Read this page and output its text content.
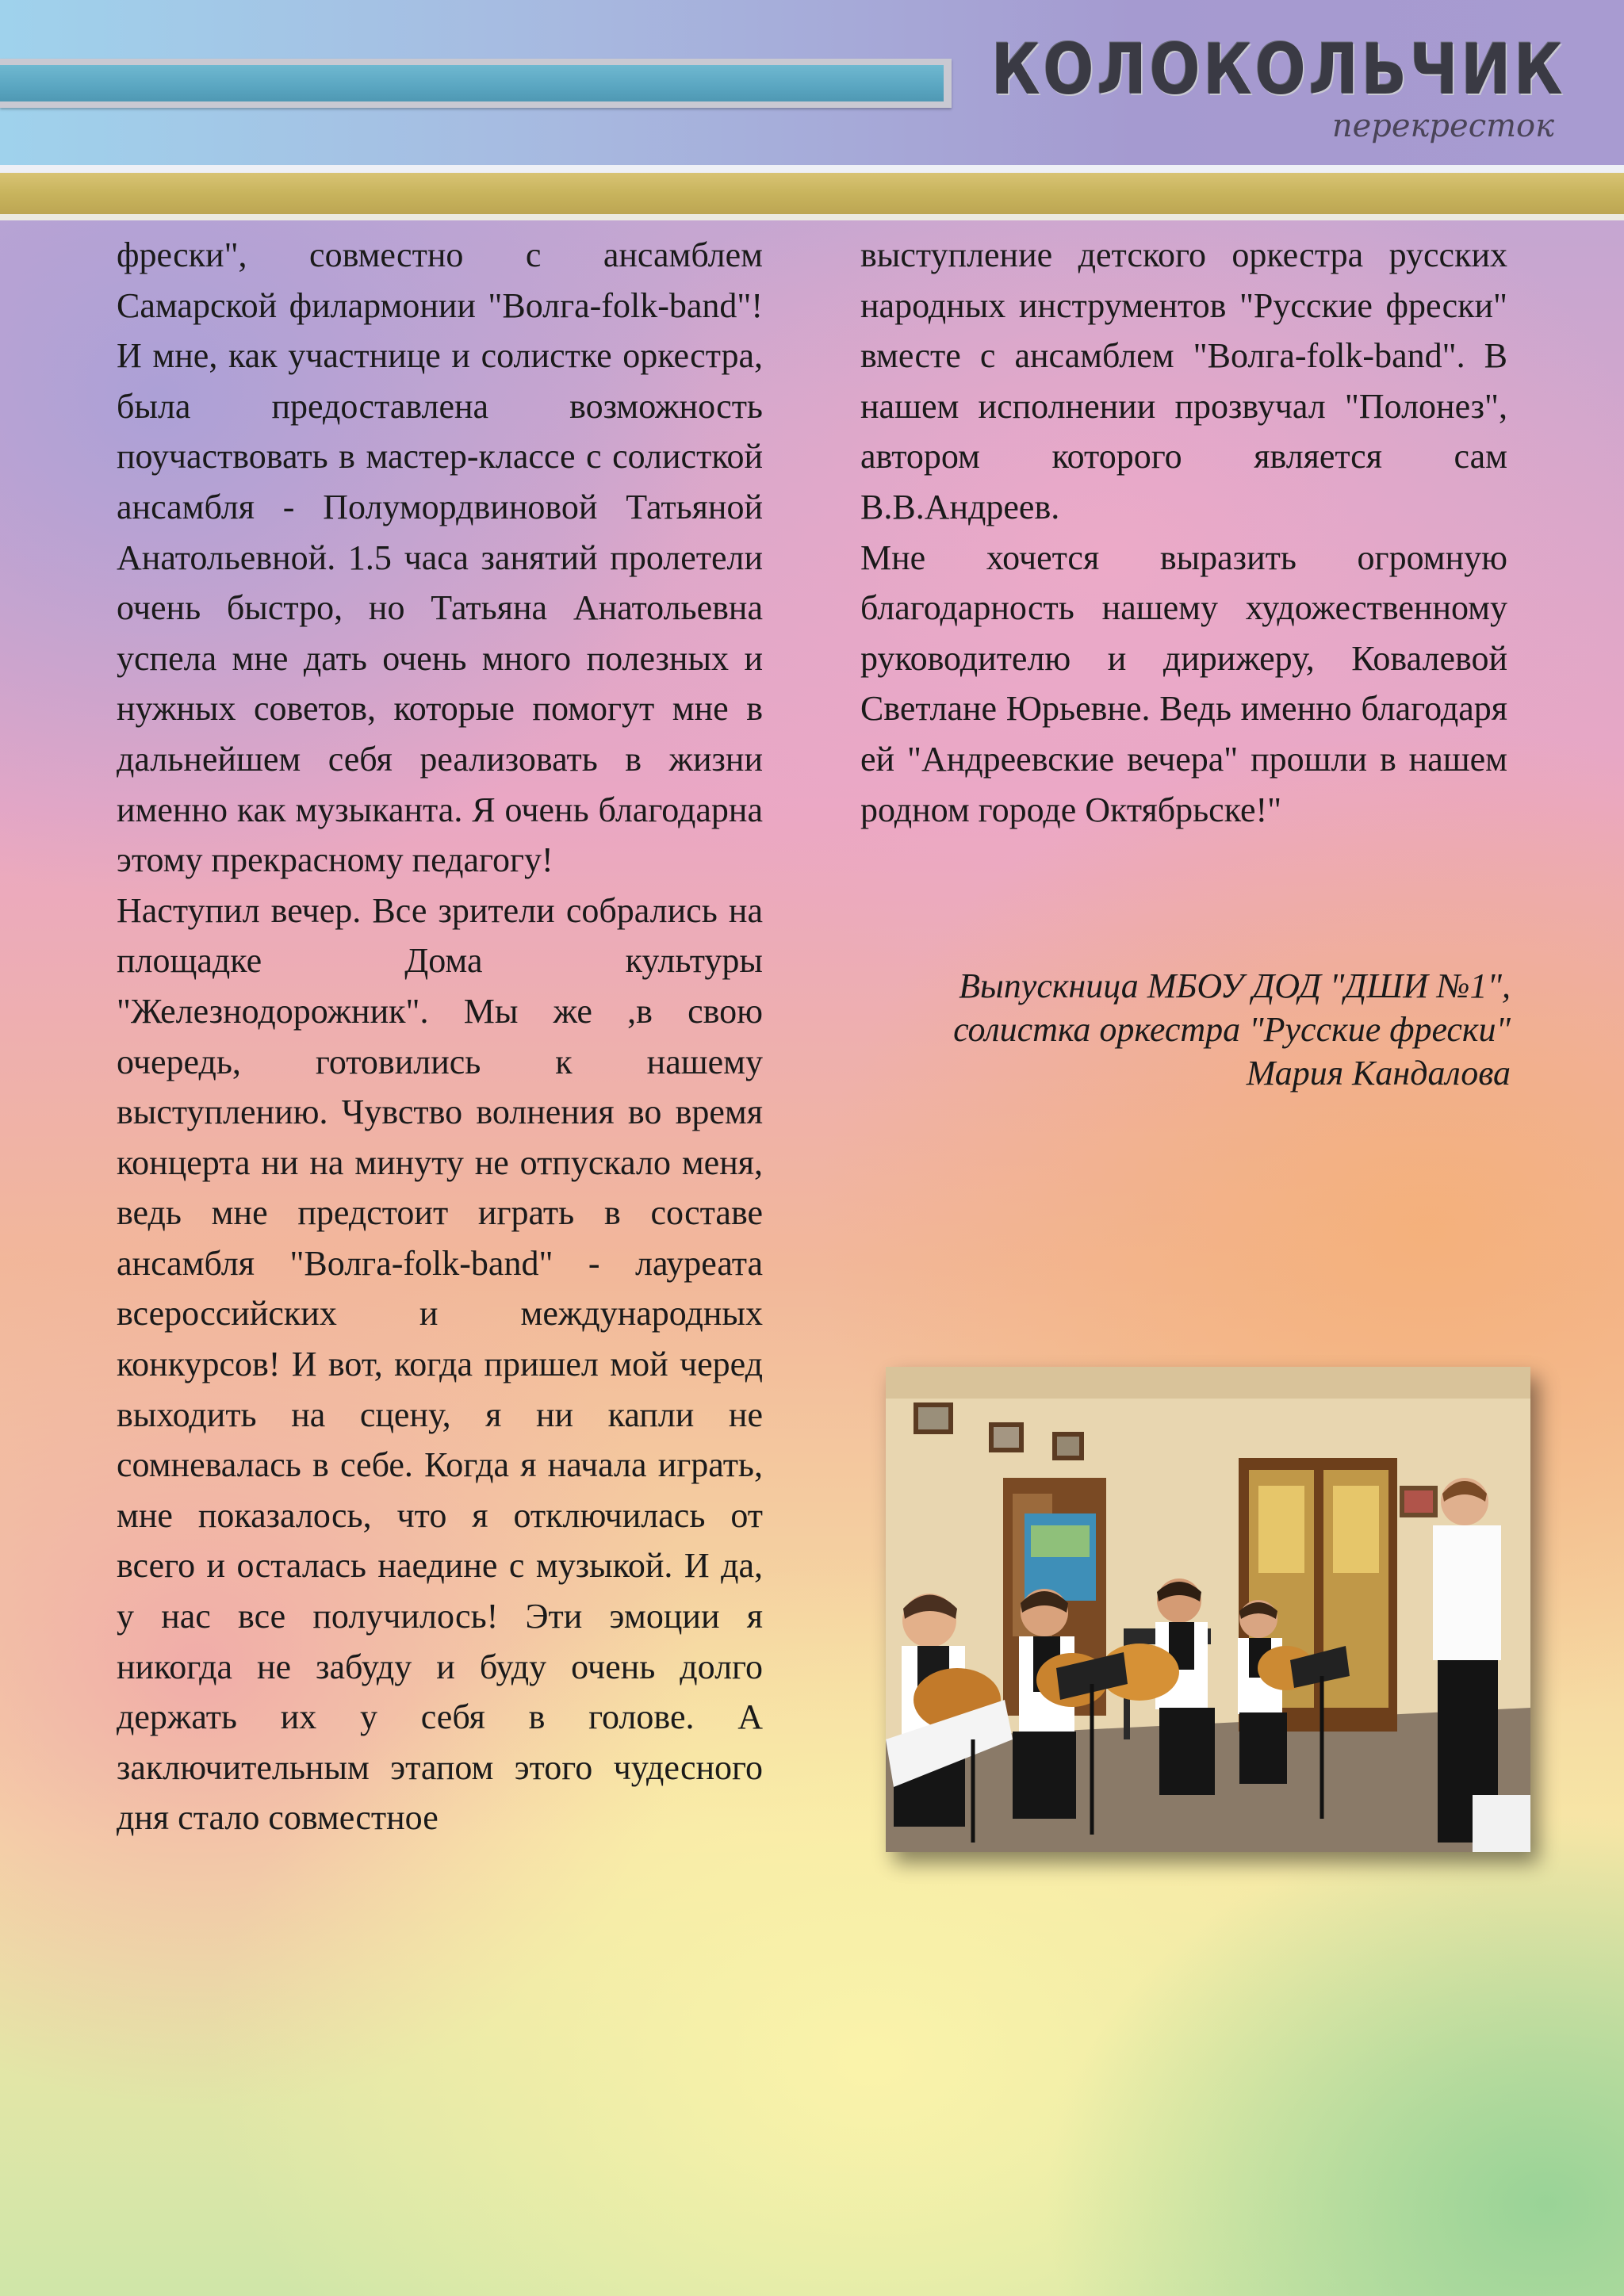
КОЛОКОЛЬЧИК
перекресток

фрески", совместно с ансамблем Самарской филармонии "Волга-folk-band"! И мне, как участнице и солистке оркестра, была предоставлена возможность поучаствовать в мастер-классе с солисткой ансамбля - Полумордвиновой Татьяной Анатольевной. 1.5 часа занятий пролетели очень быстро, но Татьяна Анатольевна успела мне дать очень много полезных и нужных советов, которые помогут мне в дальнейшем себя реализовать в жизни именно как музыканта. Я очень благодарна этому прекрасному педагогу!

Наступил вечер. Все зрители собрались на площадке Дома культуры "Железнодорожник". Мы же ,в свою очередь, готовились к нашему выступлению. Чувство волнения во время концерта ни на минуту не отпускало меня, ведь мне предстоит играть в составе ансамбля "Волга-folk-band" - лауреата всероссийских и международных конкурсов! И вот, когда пришел мой черед выходить на сцену, я ни капли не сомневалась в себе. Когда я начала играть, мне показалось, что я отключилась от всего и осталась наедине с музыкой. И да, у нас все получилось! Эти эмоции я никогда не забуду и буду очень долго держать их у себя в голове. А заключительным этапом этого чудесного дня стало совместное

выступление детского оркестра русских народных инструментов "Русские фрески" вместе с ансамблем "Волга-folk-band". В нашем исполнении прозвучал "Полонез", автором которого является сам В.В.Андреев.

Мне хочется выразить огромную благодарность нашему художественному руководителю и дирижеру, Ковалевой Светлане Юрьевне. Ведь именно благодаря ей "Андреевские вечера" прошли в нашем родном городе Октябрьске!"

Выпускница МБОУ ДОД "ДШИ №1",
солистка оркестра "Русские фрески"
Мария Кандалова
